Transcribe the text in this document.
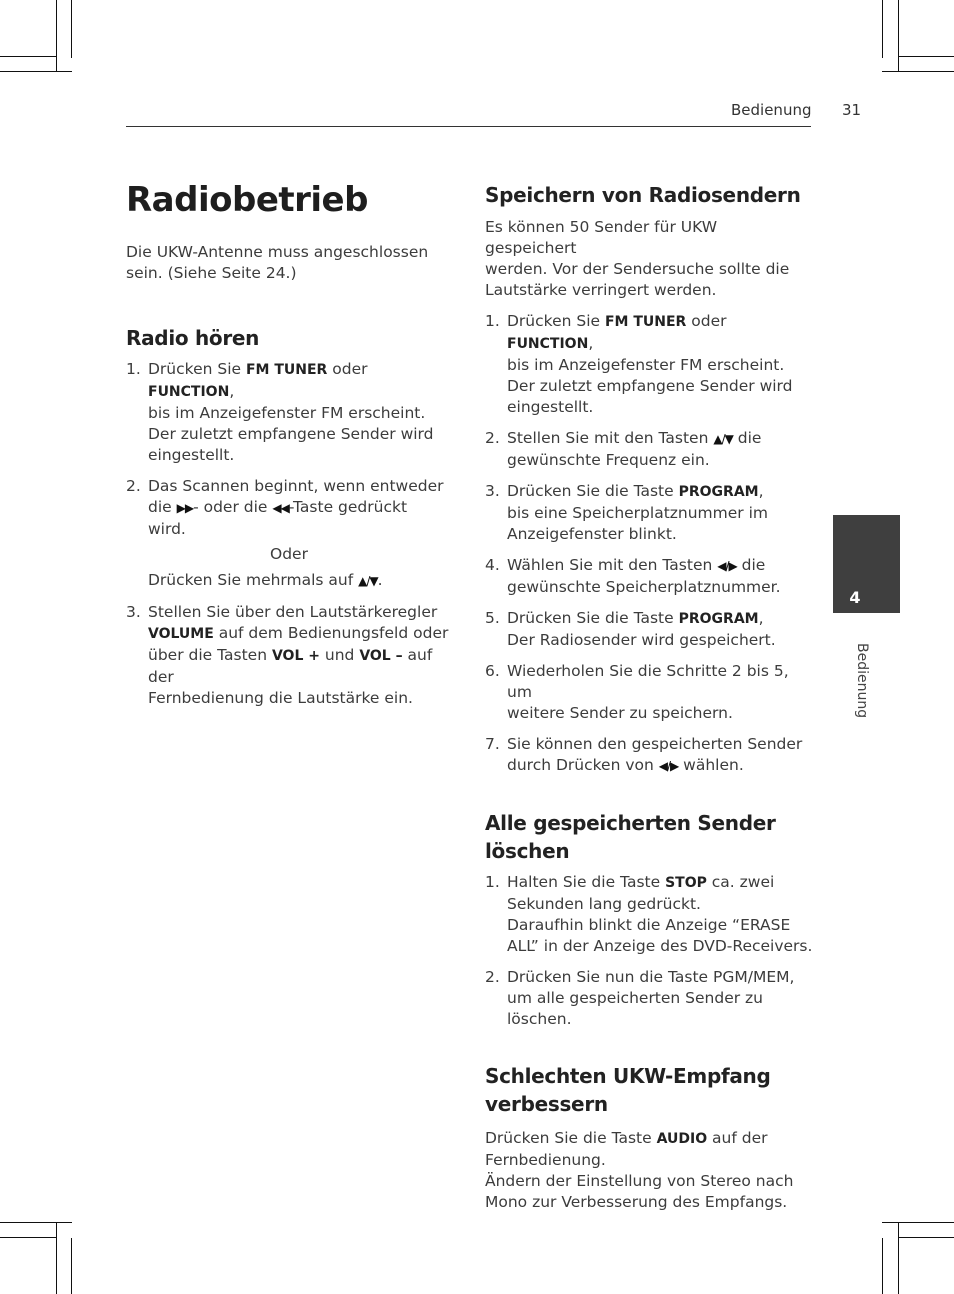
Bedienung 31
Radiobetrieb

Die UKW-Antenne muss angeschlossen
sein. (Siehe Seite 24.)

Radio hören
1. Drücken Sie FM TUNER oder FUNCTION,
bis im Anzeigefenster FM erscheint.
Der zuletzt empfangene Sender wird
eingestellt.
2. Das Scannen beginnt, wenn entweder
die ▶▶- oder die ◀◀-Taste gedrückt
wird.
Oder
Drücken Sie mehrmals auf ▲/▼.
3. Stellen Sie über den Lautstärkeregler
VOLUME auf dem Bedienungsfeld oder
über die Tasten VOL + und VOL – auf der
Fernbedienung die Lautstärke ein.
Speichern von Radiosendern

Es können 50 Sender für UKW gespeichert
werden. Vor der Sendersuche sollte die
Lautstärke verringert werden.

1. Drücken Sie FM TUNER oder FUNCTION,
bis im Anzeigefenster FM erscheint.
Der zuletzt empfangene Sender wird
eingestellt.
2. Stellen Sie mit den Tasten ▲/▼ die
gewünschte Frequenz ein.
3. Drücken Sie die Taste PROGRAM,
bis eine Speicherplatznummer im
Anzeigefenster blinkt.
4. Wählen Sie mit den Tasten ◀/▶ die
gewünschte Speicherplatznummer.
5. Drücken Sie die Taste PROGRAM,
Der Radiosender wird gespeichert.
6. Wiederholen Sie die Schritte 2 bis 5, um
weitere Sender zu speichern.
7. Sie können den gespeicherten Sender
durch Drücken von ◀/▶ wählen.
Alle gespeicherten Sender
löschen
1. Halten Sie die Taste STOP ca. zwei
Sekunden lang gedrückt.
Daraufhin blinkt die Anzeige “ERASE
ALL” in der Anzeige des DVD-Receivers.
2. Drücken Sie nun die Taste PGM/MEM,
um alle gespeicherten Sender zu
löschen.
Schlechten UKW-Empfang
verbessern

Drücken Sie die Taste AUDIO auf der
Fernbedienung.
Ändern der Einstellung von Stereo nach
Mono zur Verbesserung des Empfangs.

4
Bedienung
